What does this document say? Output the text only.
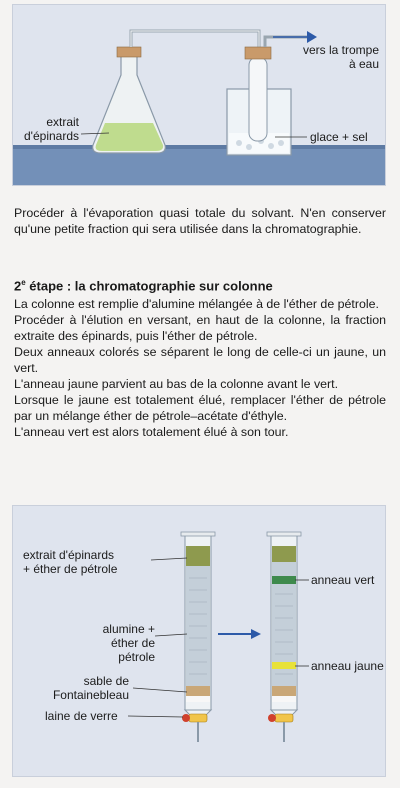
vers la trompe
à eau
extrait
d'épinards	glace + sel

Procéder à l'évaporation quasi totale du solvant. N'en conserver qu'une petite fraction qui sera utilisée dans la chromatographie.

2e étape : la chromatographie sur colonne

La colonne est remplie d'alumine mélangée à de l'éther de pétrole.

Procéder à l'élution en versant, en haut de la colonne, la fraction extraite des épinards, puis l'éther de pétrole.

Deux anneaux colorés se séparent le long de celle-ci un jaune, un vert.

L'anneau jaune parvient au bas de la colonne avant le vert.

Lorsque le jaune est totalement élué, remplacer l'éther de pétrole par un mélange éther de pétrole–acétate d'éthyle.

L'anneau vert est alors totalement élué à son tour.

extrait d'épinards
+ éther de pétrole
alumine +
éther de pétrole
sable de
Fontainebleau
laine de verre
anneau vert
anneau jaune
